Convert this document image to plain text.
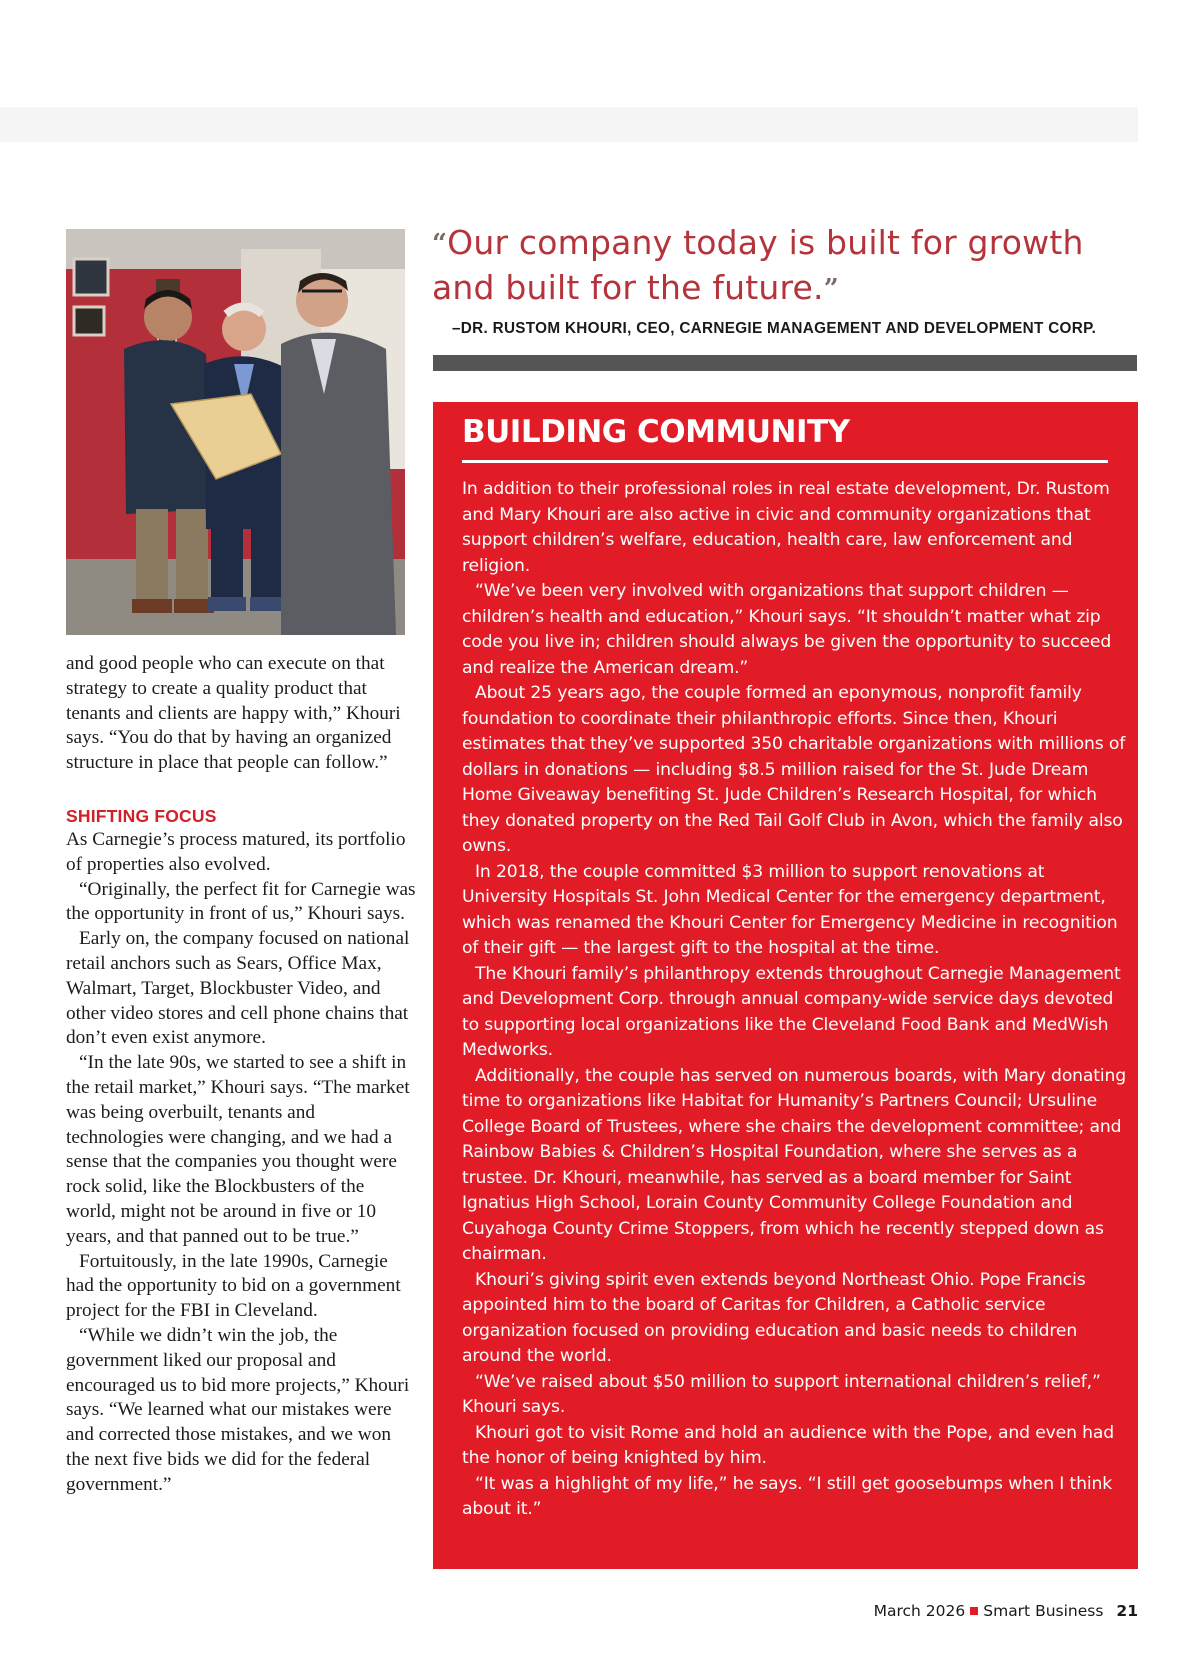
and good people who can execute on that strategy to create a quality product that tenants and clients are happy with,” Khouri says. “You do that by having an organized structure in place that people can follow.”

SHIFTING FOCUS

As Carnegie’s process matured, its portfolio of properties also evolved.

“Originally, the perfect fit for Carnegie was the opportunity in front of us,” Khouri says.

Early on, the company focused on national retail anchors such as Sears, Office Max, Walmart, Target, Blockbuster Video, and other video stores and cell phone chains that don’t even exist anymore.

“In the late 90s, we started to see a shift in the retail market,” Khouri says. “The market was being overbuilt, tenants and technologies were changing, and we had a sense that the companies you thought were rock solid, like the Blockbusters of the world, might not be around in five or 10 years, and that panned out to be true.”

Fortuitously, in the late 1990s, Carnegie had the opportunity to bid on a government project for the FBI in Cleveland.

“While we didn’t win the job, the government liked our proposal and encouraged us to bid more projects,” Khouri says. “We learned what our mistakes were and corrected those mistakes, and we won the next five bids we did for the federal government.”

“Our company today is built for growth and built for the future.”
–DR. RUSTOM KHOURI, CEO, CARNEGIE MANAGEMENT AND DEVELOPMENT CORP.
BUILDING COMMUNITY

In addition to their professional roles in real estate development, Dr. Rustom and Mary Khouri are also active in civic and community organizations that support children’s welfare, education, health care, law enforcement and religion.

“We’ve been very involved with organizations that support children — children’s health and education,” Khouri says. “It shouldn’t matter what zip code you live in; children should always be given the opportunity to succeed and realize the American dream.”

About 25 years ago, the couple formed an eponymous, nonprofit family foundation to coordinate their philanthropic efforts. Since then, Khouri estimates that they’ve supported 350 charitable organizations with millions of dollars in donations — including $8.5 million raised for the St. Jude Dream Home Giveaway benefiting St. Jude Children’s Research Hospital, for which they donated property on the Red Tail Golf Club in Avon, which the family also owns.

In 2018, the couple committed $3 million to support renovations at University Hospitals St. John Medical Center for the emergency department, which was renamed the Khouri Center for Emergency Medicine in recognition of their gift — the largest gift to the hospital at the time.

The Khouri family’s philanthropy extends throughout Carnegie Management and Development Corp. through annual company-wide service days devoted to supporting local organizations like the Cleveland Food Bank and MedWish Medworks.

Additionally, the couple has served on numerous boards, with Mary donating time to organizations like Habitat for Humanity’s Partners Council; Ursuline College Board of Trustees, where she chairs the development committee; and Rainbow Babies & Children’s Hospital Foundation, where she serves as a trustee. Dr. Khouri, meanwhile, has served as a board member for Saint Ignatius High School, Lorain County Community College Foundation and Cuyahoga County Crime Stoppers, from which he recently stepped down as chairman.

Khouri’s giving spirit even extends beyond Northeast Ohio. Pope Francis appointed him to the board of Caritas for Children, a Catholic service organization focused on providing education and basic needs to children around the world.

“We’ve raised about $50 million to support international children’s relief,” Khouri says.

Khouri got to visit Rome and hold an audience with the Pope, and even had the honor of being knighted by him.

“It was a highlight of my life,” he says. “I still get goosebumps when I think about it.”

March 2026 Smart Business 21
